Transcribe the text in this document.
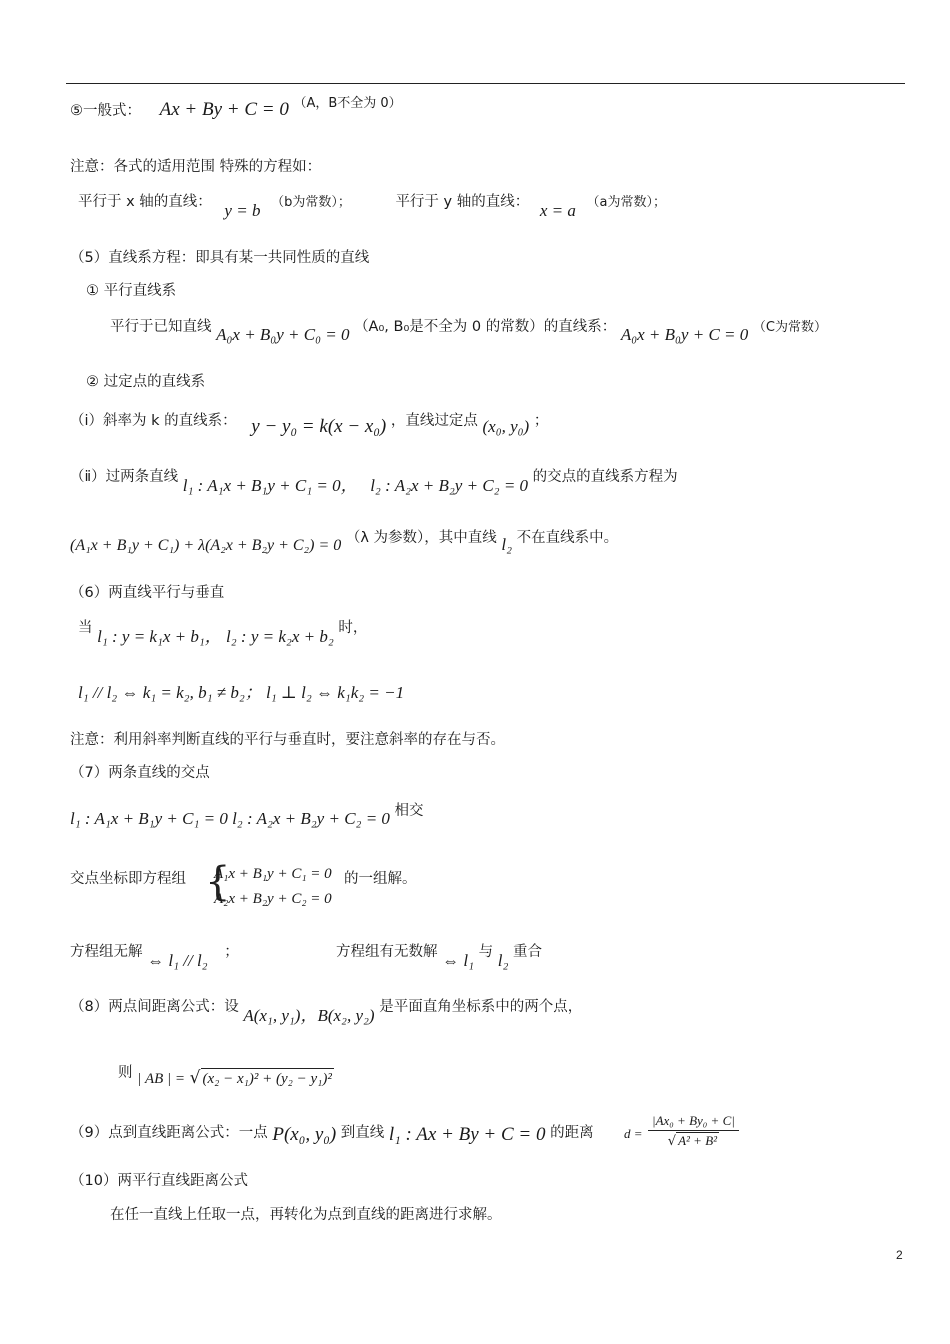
⑤一般式： Ax + By + C = 0 （A，B不全为 0）
注意：各式的适用范围 特殊的方程如：
平行于 x 轴的直线： y = b （b为常数）；	平行于 y 轴的直线： x = a （a为常数）；
（5）直线系方程：即具有某一共同性质的直线
① 平行直线系
平行于已知直线 A₀x + B₀y + C₀ = 0 （A₀, B₀是不全为 0 的常数）的直线系： A₀x + B₀y + C = 0 （C为常数）
② 过定点的直线系
（ⅰ）斜率为 k 的直线系： y − y₀ = k(x − x₀) ，直线过定点 (x₀, y₀) ；
（ⅱ）过两条直线 l₁ : A₁x + B₁y + C₁ = 0， l₂ : A₂x + B₂y + C₂ = 0 的交点的直线系方程为
(A₁x + B₁y + C₁) + λ(A₂x + B₂y + C₂) = 0 （λ 为参数），其中直线 l₂ 不在直线系中。
（6）两直线平行与垂直
当 l₁ : y = k₁x + b₁， l₂ : y = k₂x + b₂ 时，
l₁ // l₂ ⇔ k₁ = k₂, b₁ ≠ b₂； l₁ ⊥ l₂ ⇔ k₁k₂ = −1
注意：利用斜率判断直线的平行与垂直时，要注意斜率的存在与否。
（7）两条直线的交点
l₁ : A₁x + B₁y + C₁ = 0 l₂ : A₂x + B₂y + C₂ = 0 相交
交点坐标即方程组 {
A₁x + B₁y + C₁ = 0
A₂x + B₂y + C₂ = 0
的一组解。
方程组无解 ⇔ l₁ // l₂ ；	方程组有无数解 ⇔ l₁ 与 l₂ 重合
（8）两点间距离公式：设 A(x₁, y₁)，B(x₂, y₂) 是平面直角坐标系中的两个点，
则 | AB | = √ (x₂ − x₁)² + (y₂ − y₁)²
（9）点到直线距离公式：一点 P(x₀, y₀) 到直线 l₁ : Ax + By + C = 0 的距离 $d = \frac{\text{|Ax₀ + By₀ + C|}}{\text{√ A² + B²}}$
（10）两平行直线距离公式
在任一直线上任取一点，再转化为点到直线的距离进行求解。
2
